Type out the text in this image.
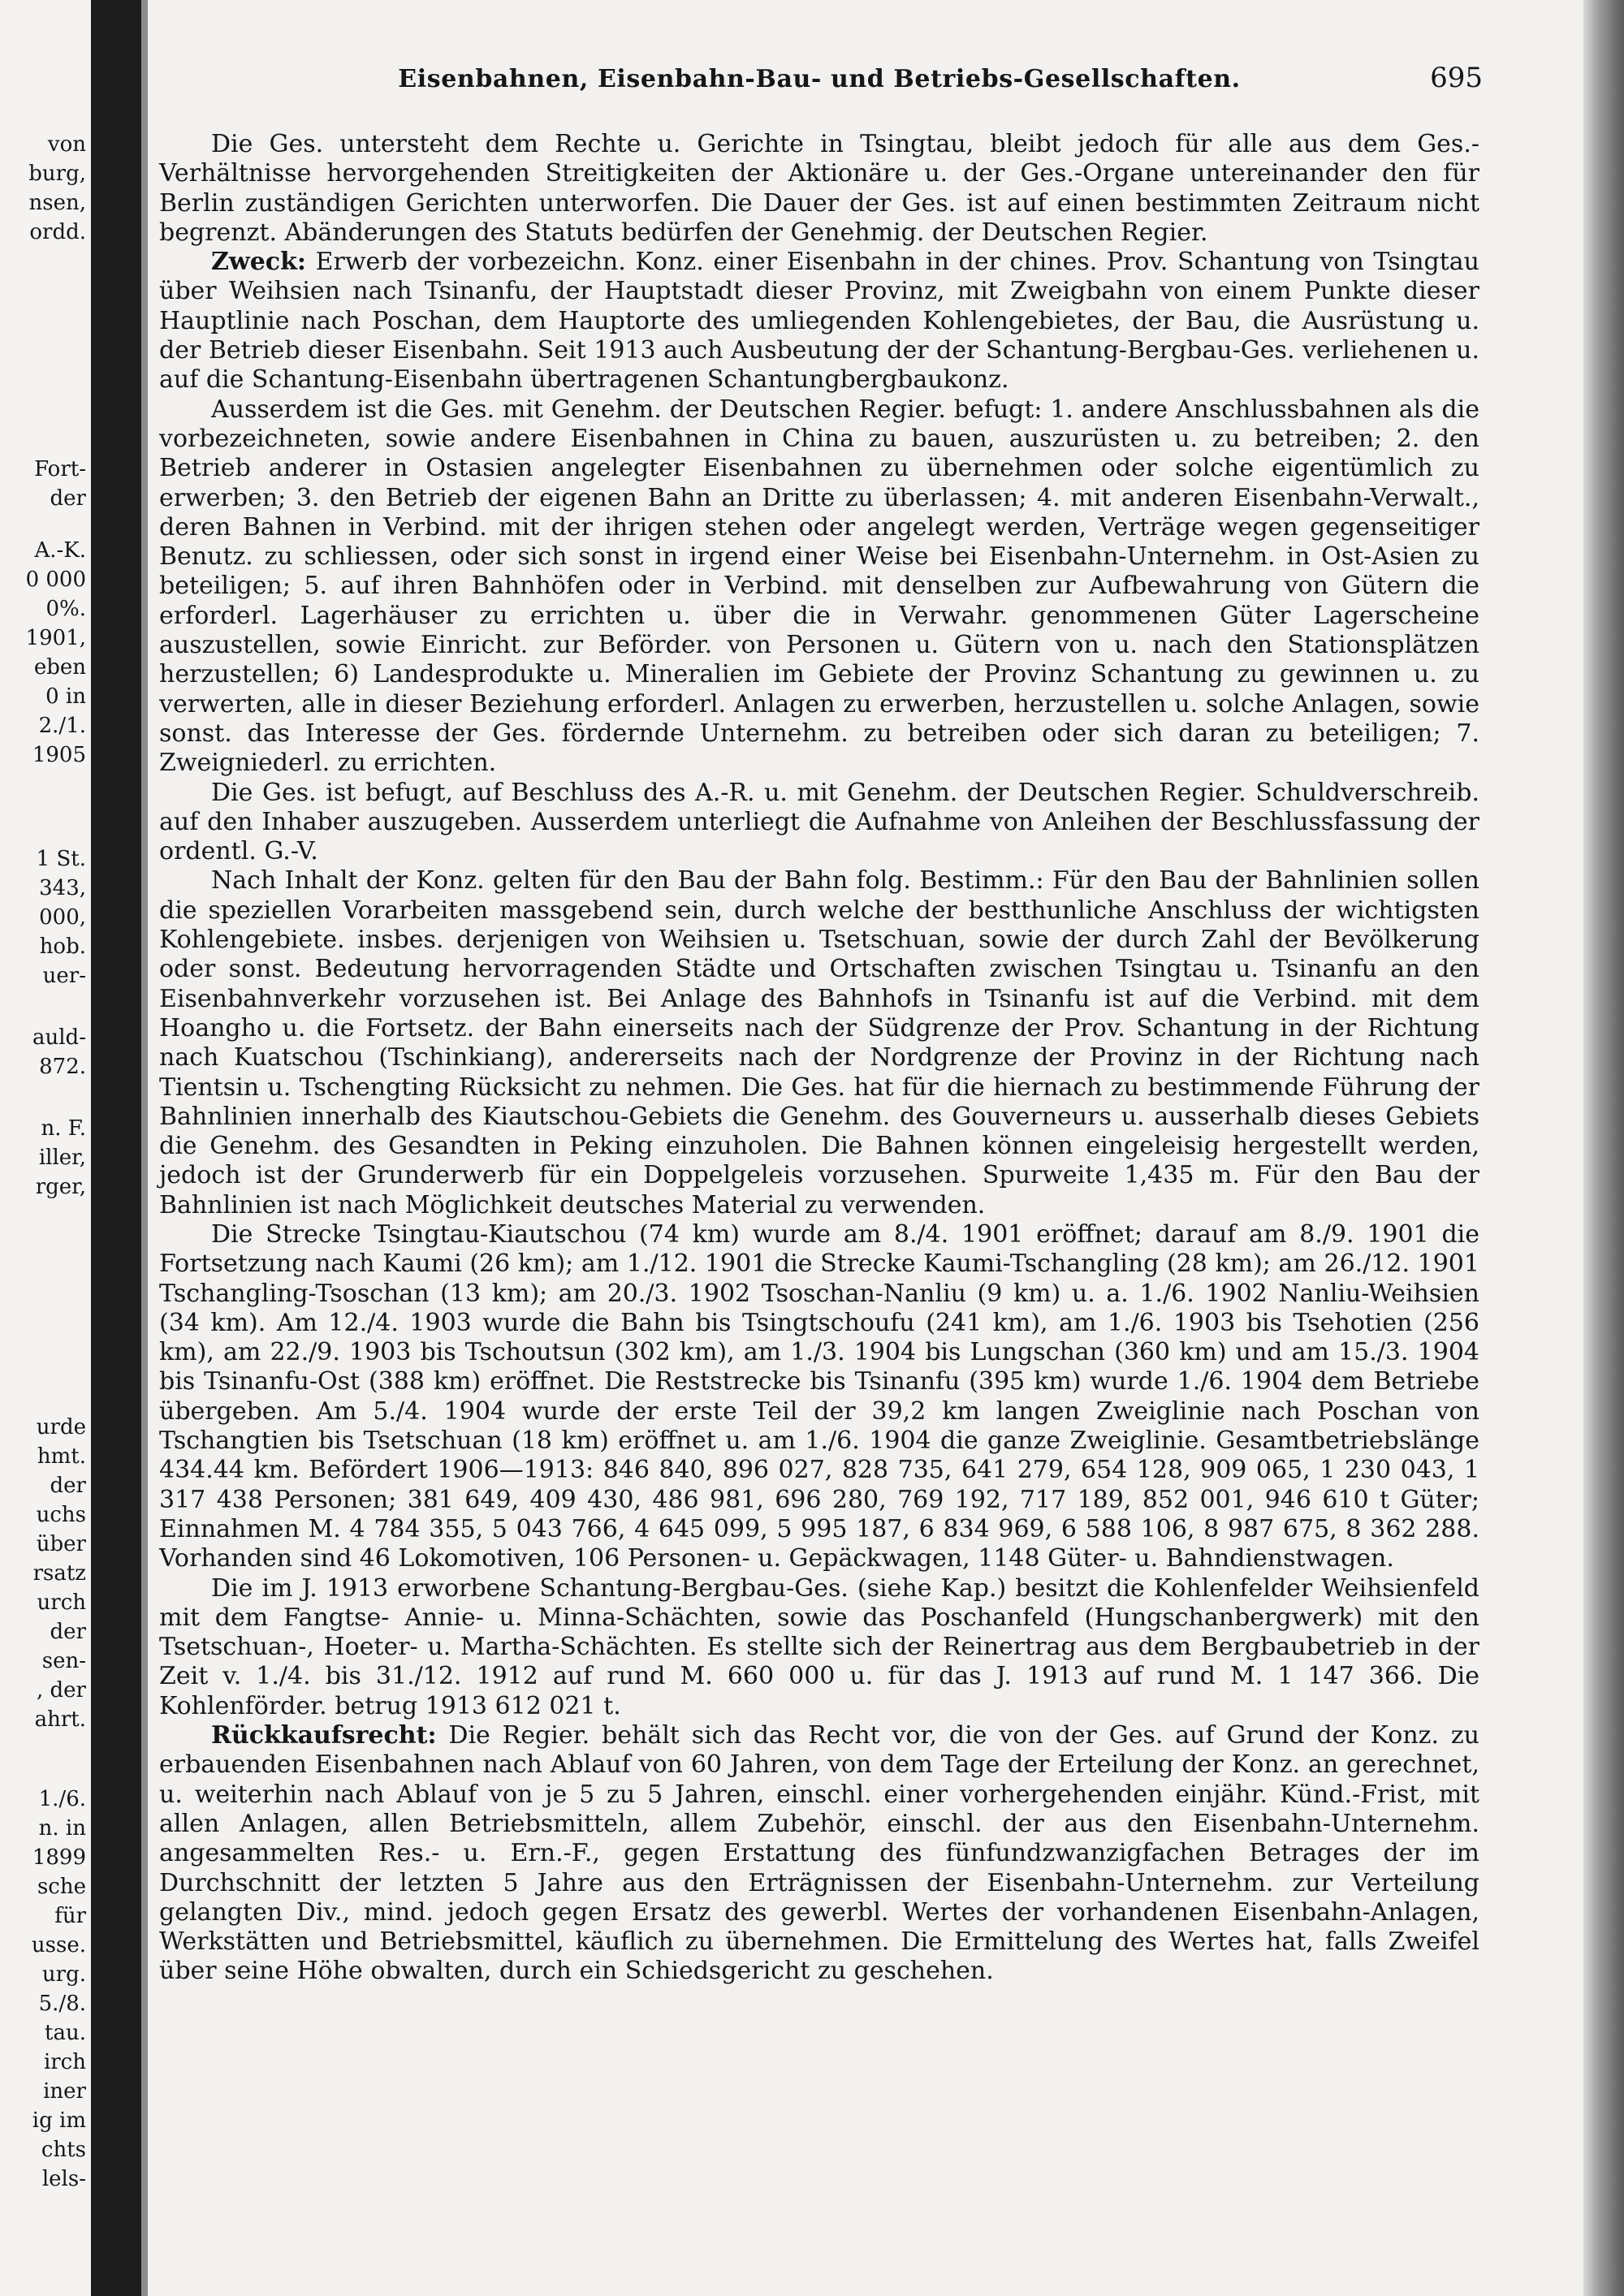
von
burg,
nsen,
ordd.
Fort-
der
A.-K.
0 000
0%.
1901,
eben
0 in
2./1.
1905
1 St.
343,
000,
hob.
uer-
auld-
872.
n. F.
iller,
rger,
urde
hmt.
der
uchs
über
rsatz
urch
der
sen-
, der
ahrt.
1./6.
n. in
1899
sche
für
usse.
urg.
5./8.
tau.
irch
iner
ig im
chts
lels-
Eisenbahnen, Eisenbahn-Bau- und Betriebs-Gesellschaften.	695

Die Ges. untersteht dem Rechte u. Gerichte in Tsingtau, bleibt jedoch für alle aus dem Ges.-Verhältnisse hervorgehenden Streitigkeiten der Aktionäre u. der Ges.-Organe untereinander den für Berlin zuständigen Gerichten unterworfen. Die Dauer der Ges. ist auf einen bestimmten Zeitraum nicht begrenzt. Abänderungen des Statuts bedürfen der Genehmig. der Deutschen Regier.

Zweck: Erwerb der vorbezeichn. Konz. einer Eisenbahn in der chines. Prov. Schantung von Tsingtau über Weihsien nach Tsinanfu, der Hauptstadt dieser Provinz, mit Zweigbahn von einem Punkte dieser Hauptlinie nach Poschan, dem Hauptorte des umliegenden Kohlengebietes, der Bau, die Ausrüstung u. der Betrieb dieser Eisenbahn. Seit 1913 auch Ausbeutung der der Schantung-Bergbau-Ges. verliehenen u. auf die Schantung-Eisenbahn übertragenen Schantungbergbaukonz.

Ausserdem ist die Ges. mit Genehm. der Deutschen Regier. befugt: 1. andere Anschlussbahnen als die vorbezeichneten, sowie andere Eisenbahnen in China zu bauen, auszurüsten u. zu betreiben; 2. den Betrieb anderer in Ostasien angelegter Eisenbahnen zu übernehmen oder solche eigentümlich zu erwerben; 3. den Betrieb der eigenen Bahn an Dritte zu überlassen; 4. mit anderen Eisenbahn-Verwalt., deren Bahnen in Verbind. mit der ihrigen stehen oder angelegt werden, Verträge wegen gegenseitiger Benutz. zu schliessen, oder sich sonst in irgend einer Weise bei Eisenbahn-Unternehm. in Ost-Asien zu beteiligen; 5. auf ihren Bahnhöfen oder in Verbind. mit denselben zur Aufbewahrung von Gütern die erforderl. Lagerhäuser zu errichten u. über die in Verwahr. genommenen Güter Lagerscheine auszustellen, sowie Einricht. zur Beförder. von Personen u. Gütern von u. nach den Stationsplätzen herzustellen; 6) Landesprodukte u. Mineralien im Gebiete der Provinz Schantung zu gewinnen u. zu verwerten, alle in dieser Beziehung erforderl. Anlagen zu erwerben, herzustellen u. solche Anlagen, sowie sonst. das Interesse der Ges. fördernde Unternehm. zu betreiben oder sich daran zu beteiligen; 7. Zweigniederl. zu errichten.

Die Ges. ist befugt, auf Beschluss des A.-R. u. mit Genehm. der Deutschen Regier. Schuldverschreib. auf den Inhaber auszugeben. Ausserdem unterliegt die Aufnahme von Anleihen der Beschlussfassung der ordentl. G.-V.

Nach Inhalt der Konz. gelten für den Bau der Bahn folg. Bestimm.: Für den Bau der Bahnlinien sollen die speziellen Vorarbeiten massgebend sein, durch welche der bestthunliche Anschluss der wichtigsten Kohlengebiete. insbes. derjenigen von Weihsien u. Tsetschuan, sowie der durch Zahl der Bevölkerung oder sonst. Bedeutung hervorragenden Städte und Ortschaften zwischen Tsingtau u. Tsinanfu an den Eisenbahnverkehr vorzusehen ist. Bei Anlage des Bahnhofs in Tsinanfu ist auf die Verbind. mit dem Hoangho u. die Fortsetz. der Bahn einerseits nach der Südgrenze der Prov. Schantung in der Richtung nach Kuatschou (Tschinkiang), andererseits nach der Nordgrenze der Provinz in der Richtung nach Tientsin u. Tschengting Rücksicht zu nehmen. Die Ges. hat für die hiernach zu bestimmende Führung der Bahnlinien innerhalb des Kiautschou-Gebiets die Genehm. des Gouverneurs u. ausserhalb dieses Gebiets die Genehm. des Gesandten in Peking einzuholen. Die Bahnen können eingeleisig hergestellt werden, jedoch ist der Grunderwerb für ein Doppelgeleis vorzusehen. Spurweite 1,435 m. Für den Bau der Bahnlinien ist nach Möglichkeit deutsches Material zu verwenden.

Die Strecke Tsingtau-Kiautschou (74 km) wurde am 8./4. 1901 eröffnet; darauf am 8./9. 1901 die Fortsetzung nach Kaumi (26 km); am 1./12. 1901 die Strecke Kaumi-Tschangling (28 km); am 26./12. 1901 Tschangling-Tsoschan (13 km); am 20./3. 1902 Tsoschan-Nanliu (9 km) u. a. 1./6. 1902 Nanliu-Weihsien (34 km). Am 12./4. 1903 wurde die Bahn bis Tsingtschoufu (241 km), am 1./6. 1903 bis Tsehotien (256 km), am 22./9. 1903 bis Tschoutsun (302 km), am 1./3. 1904 bis Lungschan (360 km) und am 15./3. 1904 bis Tsinanfu-Ost (388 km) eröffnet. Die Reststrecke bis Tsinanfu (395 km) wurde 1./6. 1904 dem Betriebe übergeben. Am 5./4. 1904 wurde der erste Teil der 39,2 km langen Zweiglinie nach Poschan von Tschangtien bis Tsetschuan (18 km) eröffnet u. am 1./6. 1904 die ganze Zweiglinie. Gesamtbetriebslänge 434.44 km. Befördert 1906—1913: 846 840, 896 027, 828 735, 641 279, 654 128, 909 065, 1 230 043, 1 317 438 Personen; 381 649, 409 430, 486 981, 696 280, 769 192, 717 189, 852 001, 946 610 t Güter; Einnahmen M. 4 784 355, 5 043 766, 4 645 099, 5 995 187, 6 834 969, 6 588 106, 8 987 675, 8 362 288. Vorhanden sind 46 Lokomotiven, 106 Personen- u. Gepäckwagen, 1148 Güter- u. Bahndienstwagen.

Die im J. 1913 erworbene Schantung-Bergbau-Ges. (siehe Kap.) besitzt die Kohlenfelder Weihsienfeld mit dem Fangtse- Annie- u. Minna-Schächten, sowie das Poschanfeld (Hungschanbergwerk) mit den Tsetschuan-, Hoeter- u. Martha-Schächten. Es stellte sich der Reinertrag aus dem Bergbaubetrieb in der Zeit v. 1./4. bis 31./12. 1912 auf rund M. 660 000 u. für das J. 1913 auf rund M. 1 147 366. Die Kohlenförder. betrug 1913 612 021 t.

Rückkaufsrecht: Die Regier. behält sich das Recht vor, die von der Ges. auf Grund der Konz. zu erbauenden Eisenbahnen nach Ablauf von 60 Jahren, von dem Tage der Erteilung der Konz. an gerechnet, u. weiterhin nach Ablauf von je 5 zu 5 Jahren, einschl. einer vorhergehenden einjähr. Künd.-Frist, mit allen Anlagen, allen Betriebsmitteln, allem Zubehör, einschl. der aus den Eisenbahn-Unternehm. angesammelten Res.- u. Ern.-F., gegen Erstattung des fünfundzwanzigfachen Betrages der im Durchschnitt der letzten 5 Jahre aus den Erträgnissen der Eisenbahn-Unternehm. zur Verteilung gelangten Div., mind. jedoch gegen Ersatz des gewerbl. Wertes der vorhandenen Eisenbahn-Anlagen, Werkstätten und Betriebsmittel, käuflich zu übernehmen. Die Ermittelung des Wertes hat, falls Zweifel über seine Höhe obwalten, durch ein Schiedsgericht zu geschehen.
